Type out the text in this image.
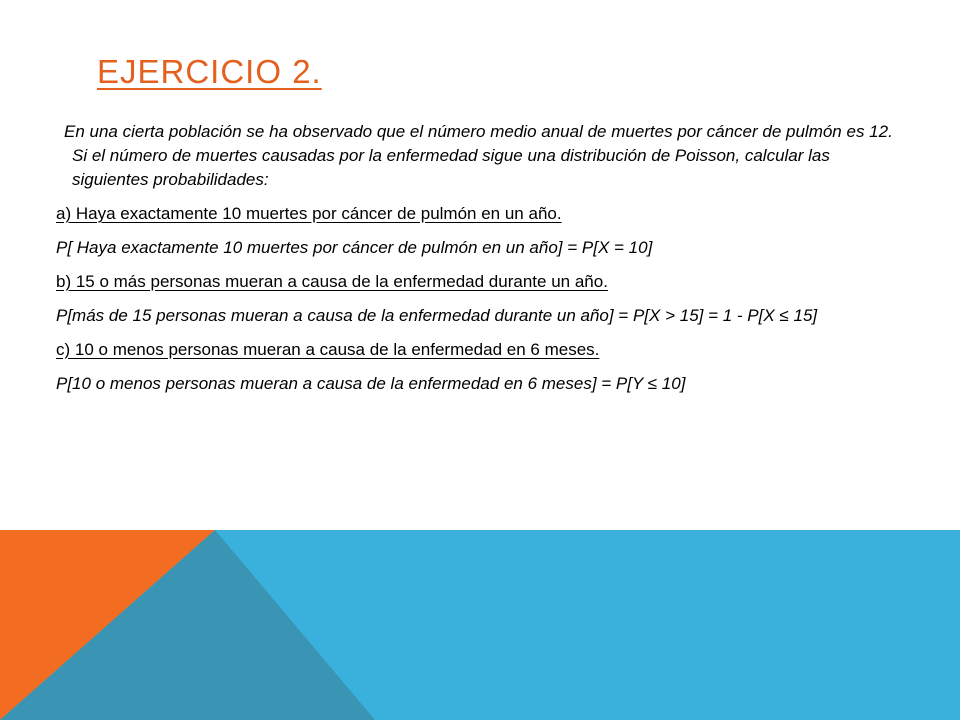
EJERCICIO 2.

En una cierta población se ha observado que el número medio anual de muertes por cáncer de pulmón es 12. Si el número de muertes causadas por la enfermedad sigue una distribución de Poisson, calcular las siguientes probabilidades:

a) Haya exactamente 10 muertes por cáncer de pulmón en un año.

P[ Haya exactamente 10 muertes por cáncer de pulmón en un año] = P[X = 10]

b) 15 o más personas mueran a causa de la enfermedad durante un año.

P[más de 15 personas mueran a causa de la enfermedad durante un año] = P[X > 15] = 1 - P[X ≤ 15]

c) 10 o menos personas mueran a causa de la enfermedad en 6 meses.

P[10 o menos personas mueran a causa de la enfermedad en 6 meses] = P[Y ≤ 10]
